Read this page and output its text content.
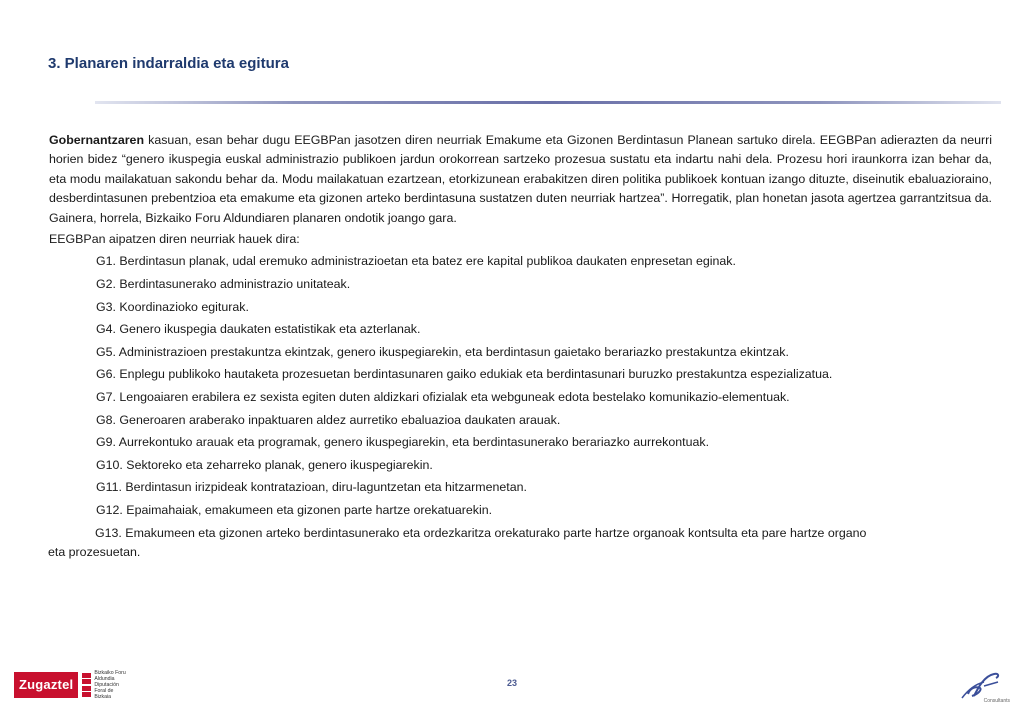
3. Planaren indarraldia eta egitura

Gobernantzaren kasuan, esan behar dugu EEGBPan jasotzen diren neurriak Emakume eta Gizonen Berdintasun Planean sartuko direla. EEGBPan adierazten da neurri horien bidez “genero ikuspegia euskal administrazio publikoen jardun orokorrean sartzeko prozesua sustatu eta indartu nahi dela. Prozesu hori iraunkorra izan behar da, eta modu mailakatuan sakondu behar da. Modu mailakatuan ezartzean, etorkizunean erabakitzen diren politika publikoek kontuan izango dituzte, diseinutik ebaluazioraino, desberdintasunen prebentzioa eta emakume eta gizonen arteko berdintasuna sustatzen duten neurriak hartzea”. Horregatik, plan honetan jasota agertzea garrantzitsua da. Gainera, horrela, Bizkaiko Foru Aldundiaren planaren ondotik joango gara.

EEGBPan aipatzen diren neurriak hauek dira:

G1. Berdintasun planak, udal eremuko administrazioetan eta batez ere kapital publikoa daukaten enpresetan eginak.
G2. Berdintasunerako administrazio unitateak.
G3. Koordinazioko egiturak.
G4. Genero ikuspegia daukaten estatistikak eta azterlanak.
G5. Administrazioen prestakuntza ekintzak, genero ikuspegiarekin, eta berdintasun gaietako berariazko prestakuntza ekintzak.
G6. Enplegu publikoko hautaketa prozesuetan berdintasunaren gaiko edukiak eta berdintasunari buruzko prestakuntza espezializatua.
G7. Lengoaiaren erabilera ez sexista egiten duten aldizkari ofizialak eta webguneak edota bestelako komunikazio-elementuak.
G8. Generoaren araberako inpaktuaren aldez aurretiko ebaluazioa daukaten arauak.
G9. Aurrekontuko arauak eta programak, genero ikuspegiarekin, eta berdintasunerako berariazko aurrekontuak.
G10. Sektoreko eta zeharreko planak, genero ikuspegiarekin.
G11. Berdintasun irizpideak kontratazioan, diru-laguntzetan eta hitzarmenetan.
G12. Epaimahaiak, emakumeen eta gizonen parte hartze orekatuarekin.
G13. Emakumeen eta gizonen arteko berdintasunerako eta ordezkaritza orekaturako parte hartze organoak kontsulta eta pare hartze organo
eta prozesuetan.
Zugaztel
Bizkaiko Foru
Aldundia
Diputación
Foral de Bizkaia
23
Consultants
